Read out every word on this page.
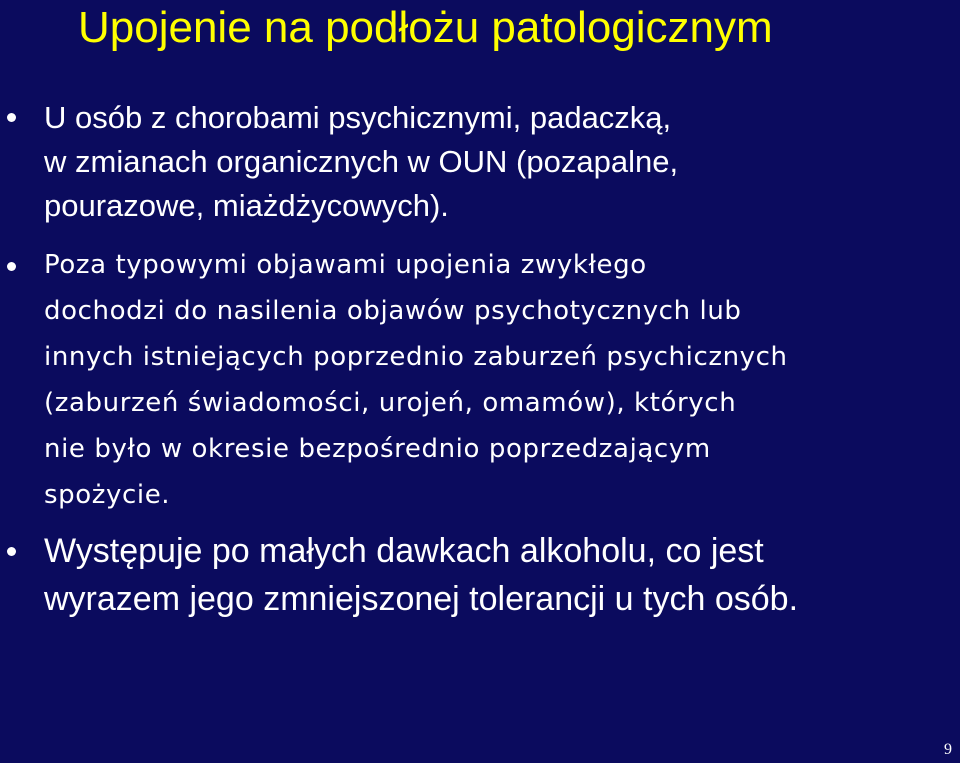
Upojenie na podłożu patologicznym

U osób z chorobami psychicznymi, padaczką,

w zmianach organicznych w OUN (pozapalne,

pourazowe, miażdżycowych).

Poza typowymi objawami upojenia zwykłego

dochodzi do nasilenia objawów psychotycznych lub

innych istniejących poprzednio zaburzeń psychicznych

(zaburzeń świadomości, urojeń, omamów), których

nie było w okresie bezpośrednio poprzedzającym

spożycie.

Występuje po małych dawkach alkoholu, co jest

wyrazem jego zmniejszonej tolerancji u tych osób.

9
